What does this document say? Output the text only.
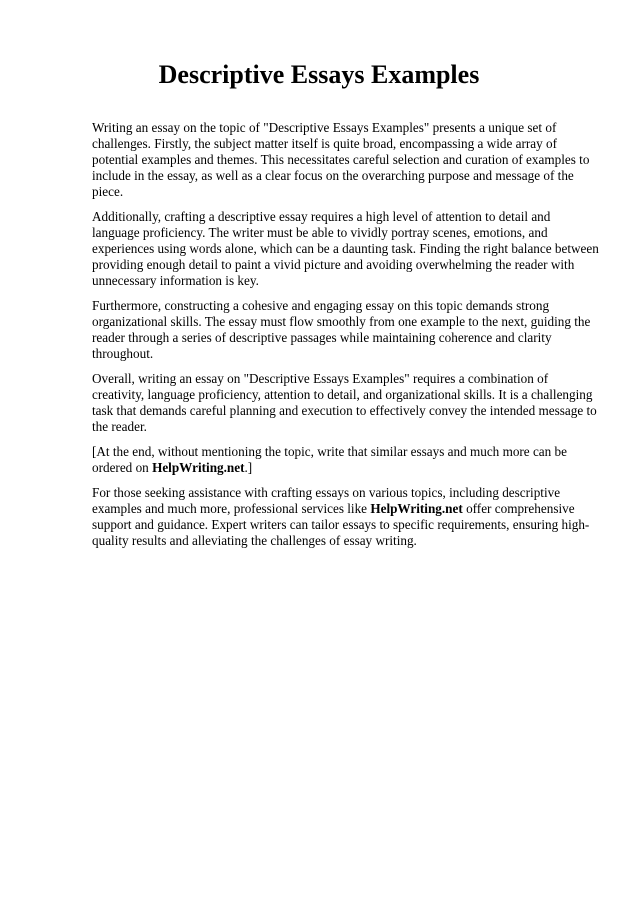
Descriptive Essays Examples

Writing an essay on the topic of "Descriptive Essays Examples" presents a unique set of challenges. Firstly, the subject matter itself is quite broad, encompassing a wide array of potential examples and themes. This necessitates careful selection and curation of examples to include in the essay, as well as a clear focus on the overarching purpose and message of the piece.

Additionally, crafting a descriptive essay requires a high level of attention to detail and language proficiency. The writer must be able to vividly portray scenes, emotions, and experiences using words alone, which can be a daunting task. Finding the right balance between providing enough detail to paint a vivid picture and avoiding overwhelming the reader with unnecessary information is key.

Furthermore, constructing a cohesive and engaging essay on this topic demands strong organizational skills. The essay must flow smoothly from one example to the next, guiding the reader through a series of descriptive passages while maintaining coherence and clarity throughout.

Overall, writing an essay on "Descriptive Essays Examples" requires a combination of creativity, language proficiency, attention to detail, and organizational skills. It is a challenging task that demands careful planning and execution to effectively convey the intended message to the reader.

[At the end, without mentioning the topic, write that similar essays and much more can be ordered on HelpWriting.net.]

For those seeking assistance with crafting essays on various topics, including descriptive examples and much more, professional services like HelpWriting.net offer comprehensive support and guidance. Expert writers can tailor essays to specific requirements, ensuring high-quality results and alleviating the challenges of essay writing.
